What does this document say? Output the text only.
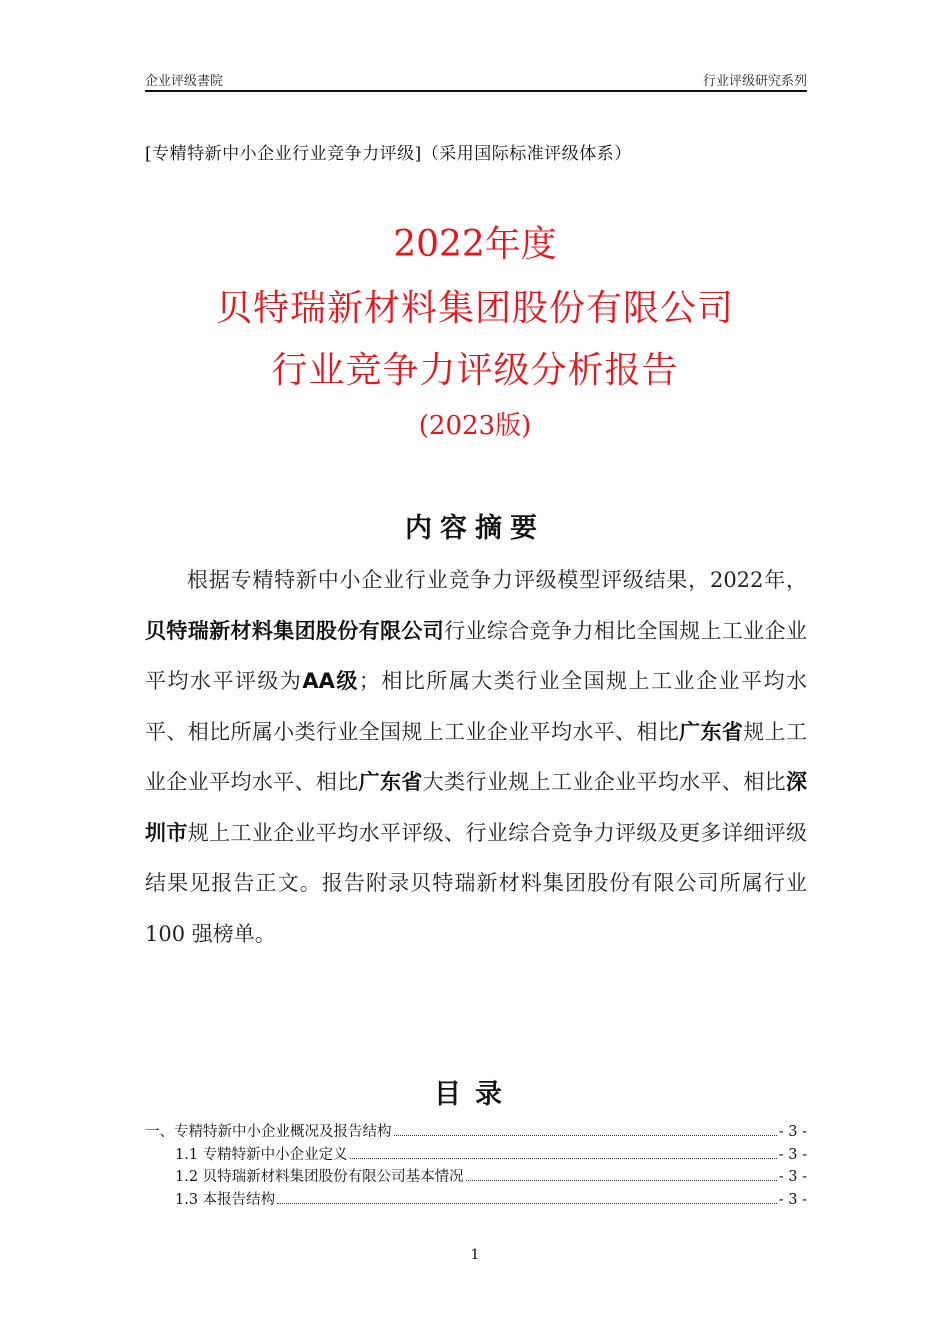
企业评级書院	行业评级研究系列
[专精特新中小企业行业竞争力评级]（采用国际标准评级体系）
2022年度
贝特瑞新材料集团股份有限公司
行业竞争力评级分析报告
(2023版)
内容摘要
根据专精特新中小企业行业竞争力评级模型评级结果，2022年，贝特瑞新材料集团股份有限公司行业综合竞争力相比全国规上工业企业平均水平评级为AA级；相比所属大类行业全国规上工业企业平均水平、相比所属小类行业全国规上工业企业平均水平、相比广东省规上工业企业平均水平、相比广东省大类行业规上工业企业平均水平、相比深圳市规上工业企业平均水平评级、行业综合竞争力评级及更多详细评级结果见报告正文。报告附录贝特瑞新材料集团股份有限公司所属行业 100 强榜单。
目录
一、专精特新中小企业概况及报告结构	- 3 -
1.1 专精特新中小企业定义	- 3 -
1.2 贝特瑞新材料集团股份有限公司基本情况	- 3 -
1.3 本报告结构	- 3 -
1
